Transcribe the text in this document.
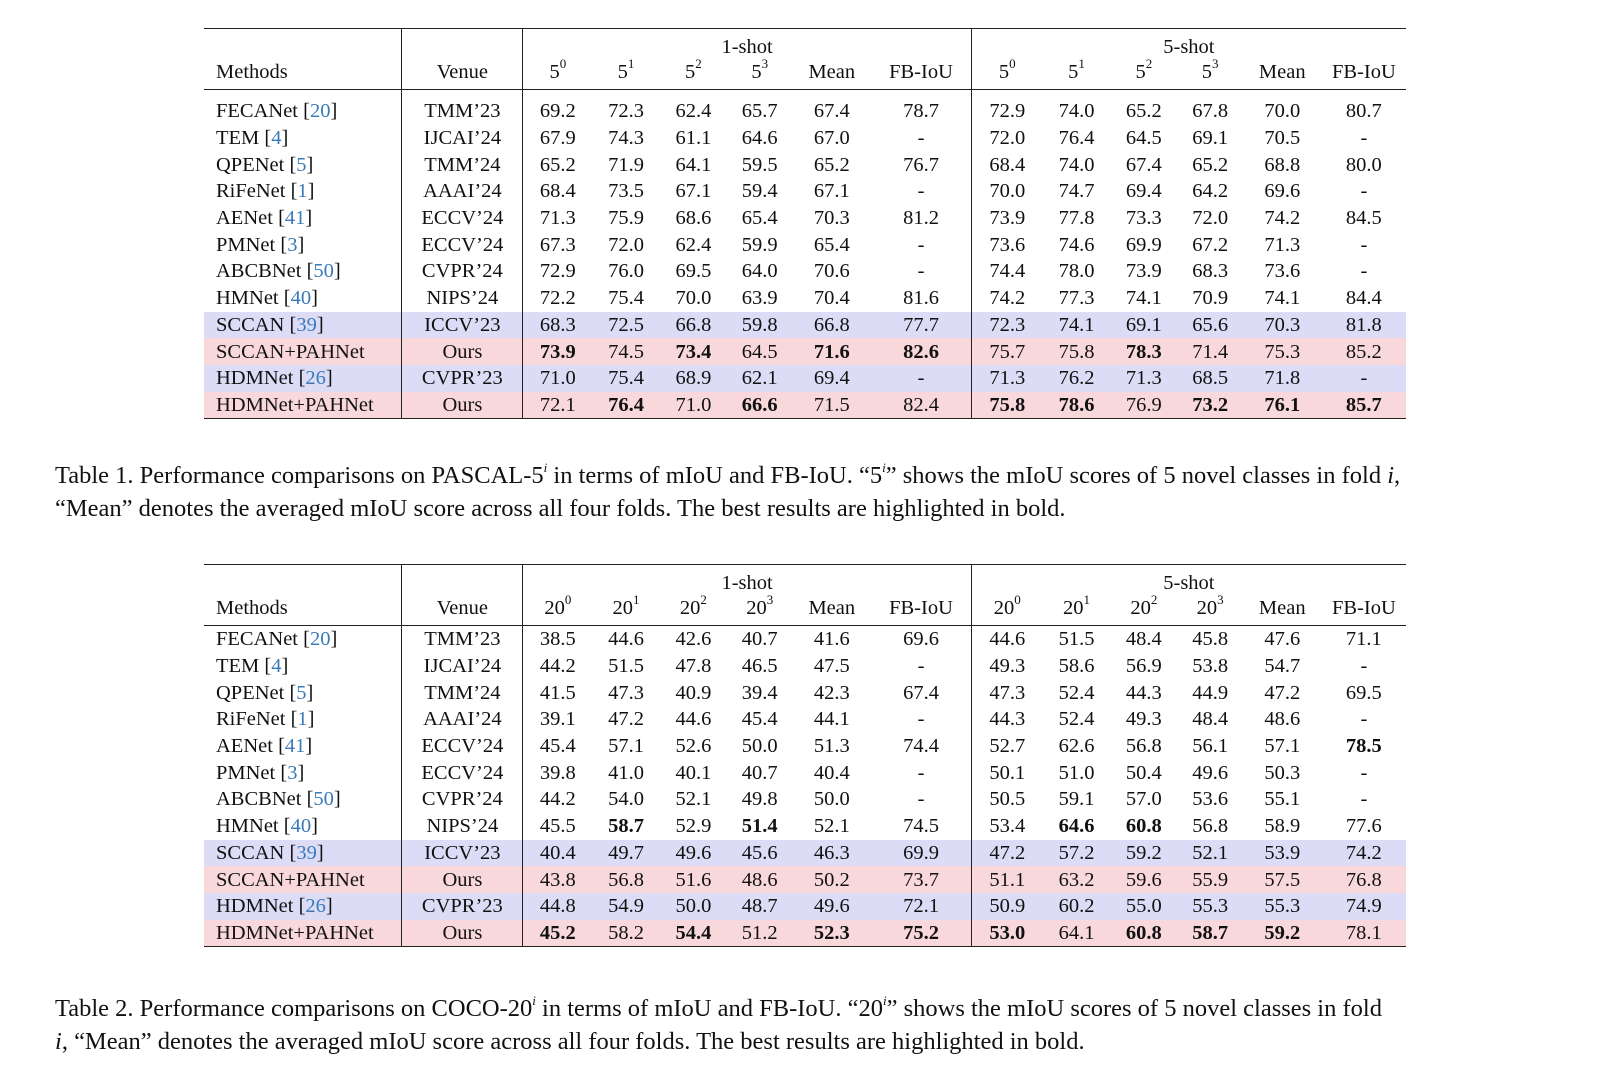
		1-shot						5-shot					
Methods	Venue	$5^0$	$5^1$	$5^2$	$5^3$	Mean	FB-IoU	$5^0$	$5^1$	$5^2$	$5^3$	Mean	FB-IoU

FECANet [20]	TMM’23	69.2	72.3	62.4	65.7	67.4	78.7	72.9	74.0	65.2	67.8	70.0	80.7
TEM [4]	IJCAI’24	67.9	74.3	61.1	64.6	67.0	-	72.0	76.4	64.5	69.1	70.5	-
QPENet [5]	TMM’24	65.2	71.9	64.1	59.5	65.2	76.7	68.4	74.0	67.4	65.2	68.8	80.0
RiFeNet [1]	AAAI’24	68.4	73.5	67.1	59.4	67.1	-	70.0	74.7	69.4	64.2	69.6	-
AENet [41]	ECCV’24	71.3	75.9	68.6	65.4	70.3	81.2	73.9	77.8	73.3	72.0	74.2	84.5
PMNet [3]	ECCV’24	67.3	72.0	62.4	59.9	65.4	-	73.6	74.6	69.9	67.2	71.3	-
ABCBNet [50]	CVPR’24	72.9	76.0	69.5	64.0	70.6	-	74.4	78.0	73.9	68.3	73.6	-
HMNet [40]	NIPS’24	72.2	75.4	70.0	63.9	70.4	81.6	74.2	77.3	74.1	70.9	74.1	84.4
SCCAN [39]	ICCV’23	68.3	72.5	66.8	59.8	66.8	77.7	72.3	74.1	69.1	65.6	70.3	81.8
SCCAN+PAHNet	Ours	73.9	74.5	73.4	64.5	71.6	82.6	75.7	75.8	78.3	71.4	75.3	85.2
HDMNet [26]	CVPR’23	71.0	75.4	68.9	62.1	69.4	-	71.3	76.2	71.3	68.5	71.8	-
HDMNet+PAHNet	Ours	72.1	76.4	71.0	66.6	71.5	82.4	75.8	78.6	76.9	73.2	76.1	85.7
Table 1. Performance comparisons on PASCAL-5$^i$ in terms of mIoU and FB-IoU. “5$^i$” shows the mIoU scores of 5 novel classes in fold i,
“Mean” denotes the averaged mIoU score across all four folds. The best results are highlighted in bold.
		1-shot						5-shot					
Methods	Venue	$20^0$	$20^1$	$20^2$	$20^3$	Mean	FB-IoU	$20^0$	$20^1$	$20^2$	$20^3$	Mean	FB-IoU
FECANet [20]	TMM’23	38.5	44.6	42.6	40.7	41.6	69.6	44.6	51.5	48.4	45.8	47.6	71.1
TEM [4]	IJCAI’24	44.2	51.5	47.8	46.5	47.5	-	49.3	58.6	56.9	53.8	54.7	-
QPENet [5]	TMM’24	41.5	47.3	40.9	39.4	42.3	67.4	47.3	52.4	44.3	44.9	47.2	69.5
RiFeNet [1]	AAAI’24	39.1	47.2	44.6	45.4	44.1	-	44.3	52.4	49.3	48.4	48.6	-
AENet [41]	ECCV’24	45.4	57.1	52.6	50.0	51.3	74.4	52.7	62.6	56.8	56.1	57.1	78.5
PMNet [3]	ECCV’24	39.8	41.0	40.1	40.7	40.4	-	50.1	51.0	50.4	49.6	50.3	-
ABCBNet [50]	CVPR’24	44.2	54.0	52.1	49.8	50.0	-	50.5	59.1	57.0	53.6	55.1	-
HMNet [40]	NIPS’24	45.5	58.7	52.9	51.4	52.1	74.5	53.4	64.6	60.8	56.8	58.9	77.6
SCCAN [39]	ICCV’23	40.4	49.7	49.6	45.6	46.3	69.9	47.2	57.2	59.2	52.1	53.9	74.2
SCCAN+PAHNet	Ours	43.8	56.8	51.6	48.6	50.2	73.7	51.1	63.2	59.6	55.9	57.5	76.8
HDMNet [26]	CVPR’23	44.8	54.9	50.0	48.7	49.6	72.1	50.9	60.2	55.0	55.3	55.3	74.9
HDMNet+PAHNet	Ours	45.2	58.2	54.4	51.2	52.3	75.2	53.0	64.1	60.8	58.7	59.2	78.1
Table 2. Performance comparisons on COCO-20$^i$ in terms of mIoU and FB-IoU. “20$^i$” shows the mIoU scores of 5 novel classes in fold
i, “Mean” denotes the averaged mIoU score across all four folds. The best results are highlighted in bold.
